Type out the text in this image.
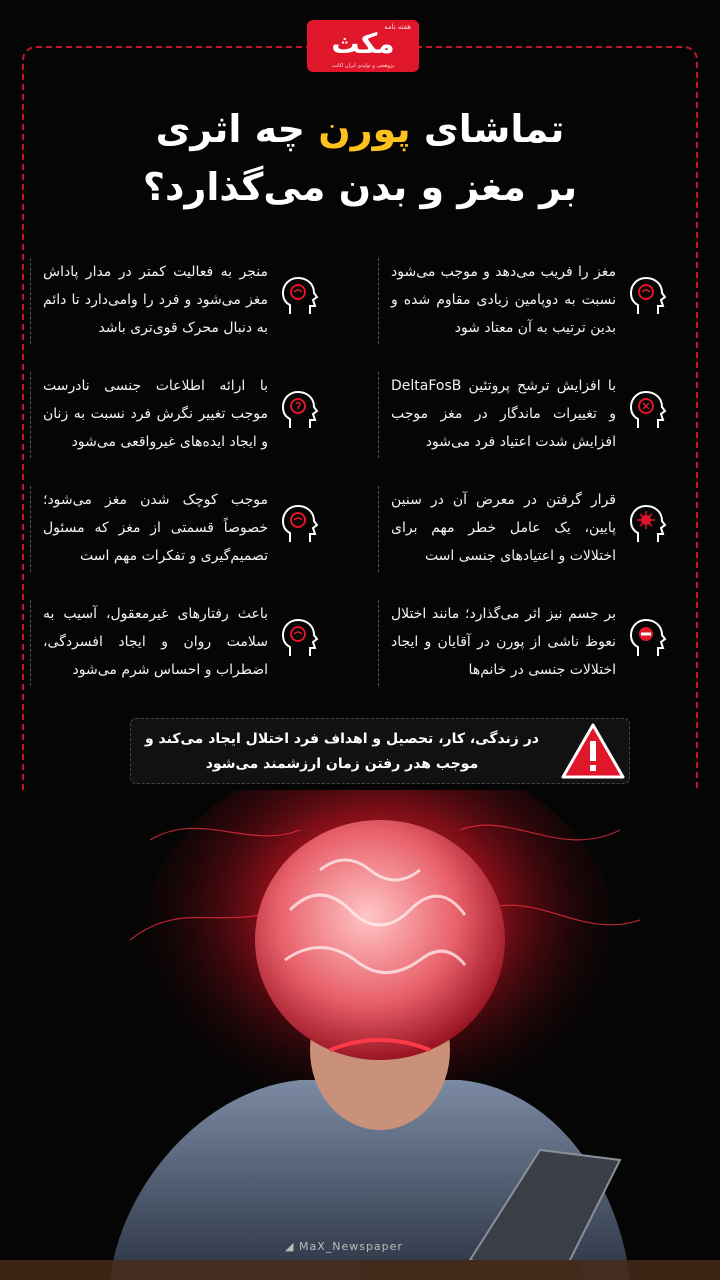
هفته نامه
مکث
پژوهشی و تولیدی ایران اکانت
تماشای پورن چه اثری
بر مغز و بدن می‌گذارد؟
مغز را فریب می‌دهد و موجب می‌شود نسبت به دوپامین زیادی مقاوم شده و بدین ترتیب به آن معتاد شود
منجر به فعالیت کمتر در مدار پاداش مغز می‌شود و فرد را وامی‌دارد تا دائم به دنبال محرک قوی‌تری باشد
با افزایش ترشح پروتئین DeltaFosB و تغییرات ماندگار در مغز موجب افزایش شدت اعتیاد فرد می‌شود
با ارائه اطلاعات جنسی نادرست موجب تغییر نگرش فرد نسبت به زنان و ایجاد ایده‌های غیرواقعی می‌شود
قرار گرفتن در معرض آن در سنین پایین، یک عامل خطر مهم برای اختلالات و اعتیادهای جنسی است
موجب کوچک شدن مغز می‌شود؛ خصوصاً قسمتی از مغز که مسئول تصمیم‌گیری و تفکرات مهم است
بر جسم نیز اثر می‌گذارد؛ مانند اختلال نعوظ ناشی از پورن در آقایان و ایجاد اختلالات جنسی در خانم‌ها
باعث رفتارهای غیرمعقول، آسیب به سلامت روان و ایجاد افسردگی، اضطراب و احساس شرم می‌شود
در زندگی، کار، تحصیل و اهداف فرد اختلال ایجاد می‌کند و موجب هدر رفتن زمان ارزشمند می‌شود
◢ MaX_Newspaper
